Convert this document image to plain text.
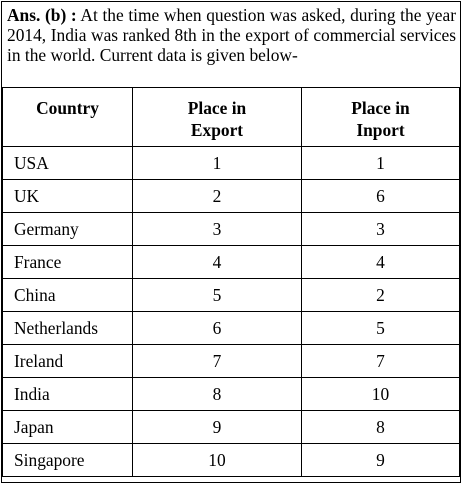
Ans. (b) : At the time when question was asked, during the year 2014, India was ranked 8th in the export of commercial services in the world. Current data is given below-
Country	Place in Export	Place in Inport
USA	1	1
UK	2	6
Germany	3	3
France	4	4
China	5	2
Netherlands	6	5
Ireland	7	7
India	8	10
Japan	9	8
Singapore	10	9
